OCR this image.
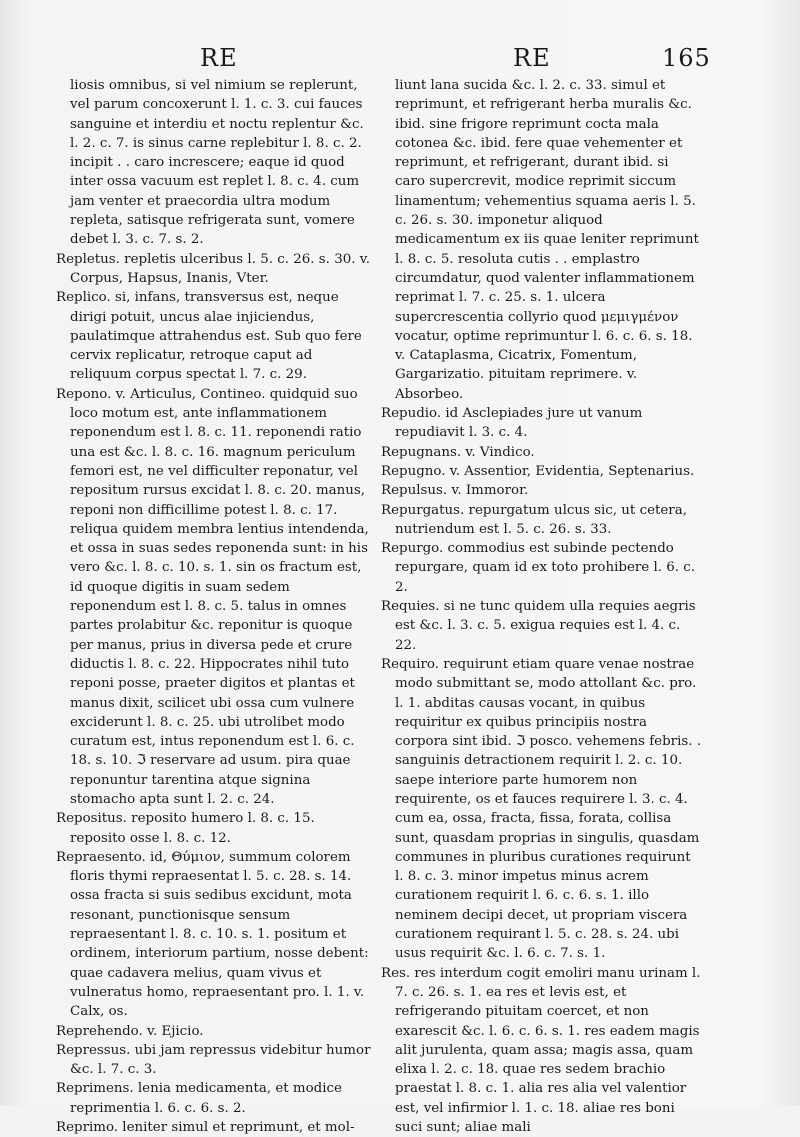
RE	RE	165

liosis omnibus, si vel nimium se replerunt, vel parum concoxerunt l. 1. c. 3. cui fauces sanguine et interdiu et noctu replentur &c. l. 2. c. 7. is sinus carne replebitur l. 8. c. 2. incipit . . caro increscere; eaque id quod inter ossa vacuum est replet l. 8. c. 4. cum jam venter et praecordia ultra modum repleta, satisque refrigerata sunt, vomere debet l. 3. c. 7. s. 2.

Repletus. repletis ulceribus l. 5. c. 26. s. 30. v. Corpus, Hapsus, Inanis, Vter.

Replico. si, infans, transversus est, neque dirigi potuit, uncus alae injiciendus, paulatimque attrahendus est. Sub quo fere cervix replicatur, retroque caput ad reliquum corpus spectat l. 7. c. 29.

Repono. v. Articulus, Contineo. quidquid suo loco motum est, ante inflammationem reponendum est l. 8. c. 11. reponendi ratio una est &c. l. 8. c. 16. magnum periculum femori est, ne vel difficulter reponatur, vel repositum rursus excidat l. 8. c. 20. manus, reponi non difficillime potest l. 8. c. 17. reliqua quidem membra lentius intendenda, et ossa in suas sedes reponenda sunt: in his vero &c. l. 8. c. 10. s. 1. sin os fractum est, id quoque digitis in suam sedem reponendum est l. 8. c. 5. talus in omnes partes prolabitur &c. reponitur is quoque per manus, prius in diversa pede et crure diductis l. 8. c. 22. Hippocrates nihil tuto reponi posse, praeter digitos et plantas et manus dixit, scilicet ubi ossa cum vulnere exciderunt l. 8. c. 25. ubi utrolibet modo curatum est, intus reponendum est l. 6. c. 18. s. 10. ℑ reservare ad usum. pira quae reponuntur tarentina atque signina stomacho apta sunt l. 2. c. 24.

Repositus. reposito humero l. 8. c. 15. reposito osse l. 8. c. 12.

Repraesento. id, Θύμιον, summum colorem floris thymi repraesentat l. 5. c. 28. s. 14. ossa fracta si suis sedibus excidunt, mota resonant, punctionisque sensum repraesentant l. 8. c. 10. s. 1. positum et ordinem, interiorum partium, nosse debent: quae cadavera melius, quam vivus et vulneratus homo, repraesentant pro. l. 1. v. Calx, os.

Reprehendo. v. Ejicio.

Repressus. ubi jam repressus videbitur humor &c. l. 7. c. 3.

Reprimens. lenia medicamenta, et modice reprimentia l. 6. c. 6. s. 2.

Reprimo. leniter simul et reprimunt, et mol-

liunt lana sucida &c. l. 2. c. 33. simul et reprimunt, et refrigerant herba muralis &c. ibid. sine frigore reprimunt cocta mala cotonea &c. ibid. fere quae vehementer et reprimunt, et refrigerant, durant ibid. si caro supercrevit, modice reprimit siccum linamentum; vehementius squama aeris l. 5. c. 26. s. 30. imponetur aliquod medicamentum ex iis quae leniter reprimunt l. 8. c. 5. resoluta cutis . . emplastro circumdatur, quod valenter inflammationem reprimat l. 7. c. 25. s. 1. ulcera supercrescentia collyrio quod μεμιγμένον vocatur, optime reprimuntur l. 6. c. 6. s. 18. v. Cataplasma, Cicatrix, Fomentum, Gargarizatio. pituitam reprimere. v. Absorbeo.

Repudio. id Asclepiades jure ut vanum repudiavit l. 3. c. 4.

Repugnans. v. Vindico.

Repugno. v. Assentior, Evidentia, Septenarius.

Repulsus. v. Immoror.

Repurgatus. repurgatum ulcus sic, ut cetera, nutriendum est l. 5. c. 26. s. 33.

Repurgo. commodius est subinde pectendo repurgare, quam id ex toto prohibere l. 6. c. 2.

Requies. si ne tunc quidem ulla requies aegris est &c. l. 3. c. 5. exigua requies est l. 4. c. 22.

Requiro. requirunt etiam quare venae nostrae modo submittant se, modo attollant &c. pro. l. 1. abditas causas vocant, in quibus requiritur ex quibus principiis nostra corpora sint ibid. ℑ posco. vehemens febris. . sanguinis detractionem requirit l. 2. c. 10. saepe interiore parte humorem non requirente, os et fauces requirere l. 3. c. 4. cum ea, ossa, fracta, fissa, forata, collisa sunt, quasdam proprias in singulis, quasdam communes in pluribus curationes requirunt l. 8. c. 3. minor impetus minus acrem curationem requirit l. 6. c. 6. s. 1. illo neminem decipi decet, ut propriam viscera curationem requirant l. 5. c. 28. s. 24. ubi usus requirit &c. l. 6. c. 7. s. 1.

Res. res interdum cogit emoliri manu urinam l. 7. c. 26. s. 1. ea res et levis est, et refrigerando pituitam coercet, et non exarescit &c. l. 6. c. 6. s. 1. res eadem magis alit jurulenta, quam assa; magis assa, quam elixa l. 2. c. 18. quae res sedem brachio praestat l. 8. c. 1. alia res alia vel valentior est, vel infirmior l. 1. c. 18. aliae res boni suci sunt; aliae mali
